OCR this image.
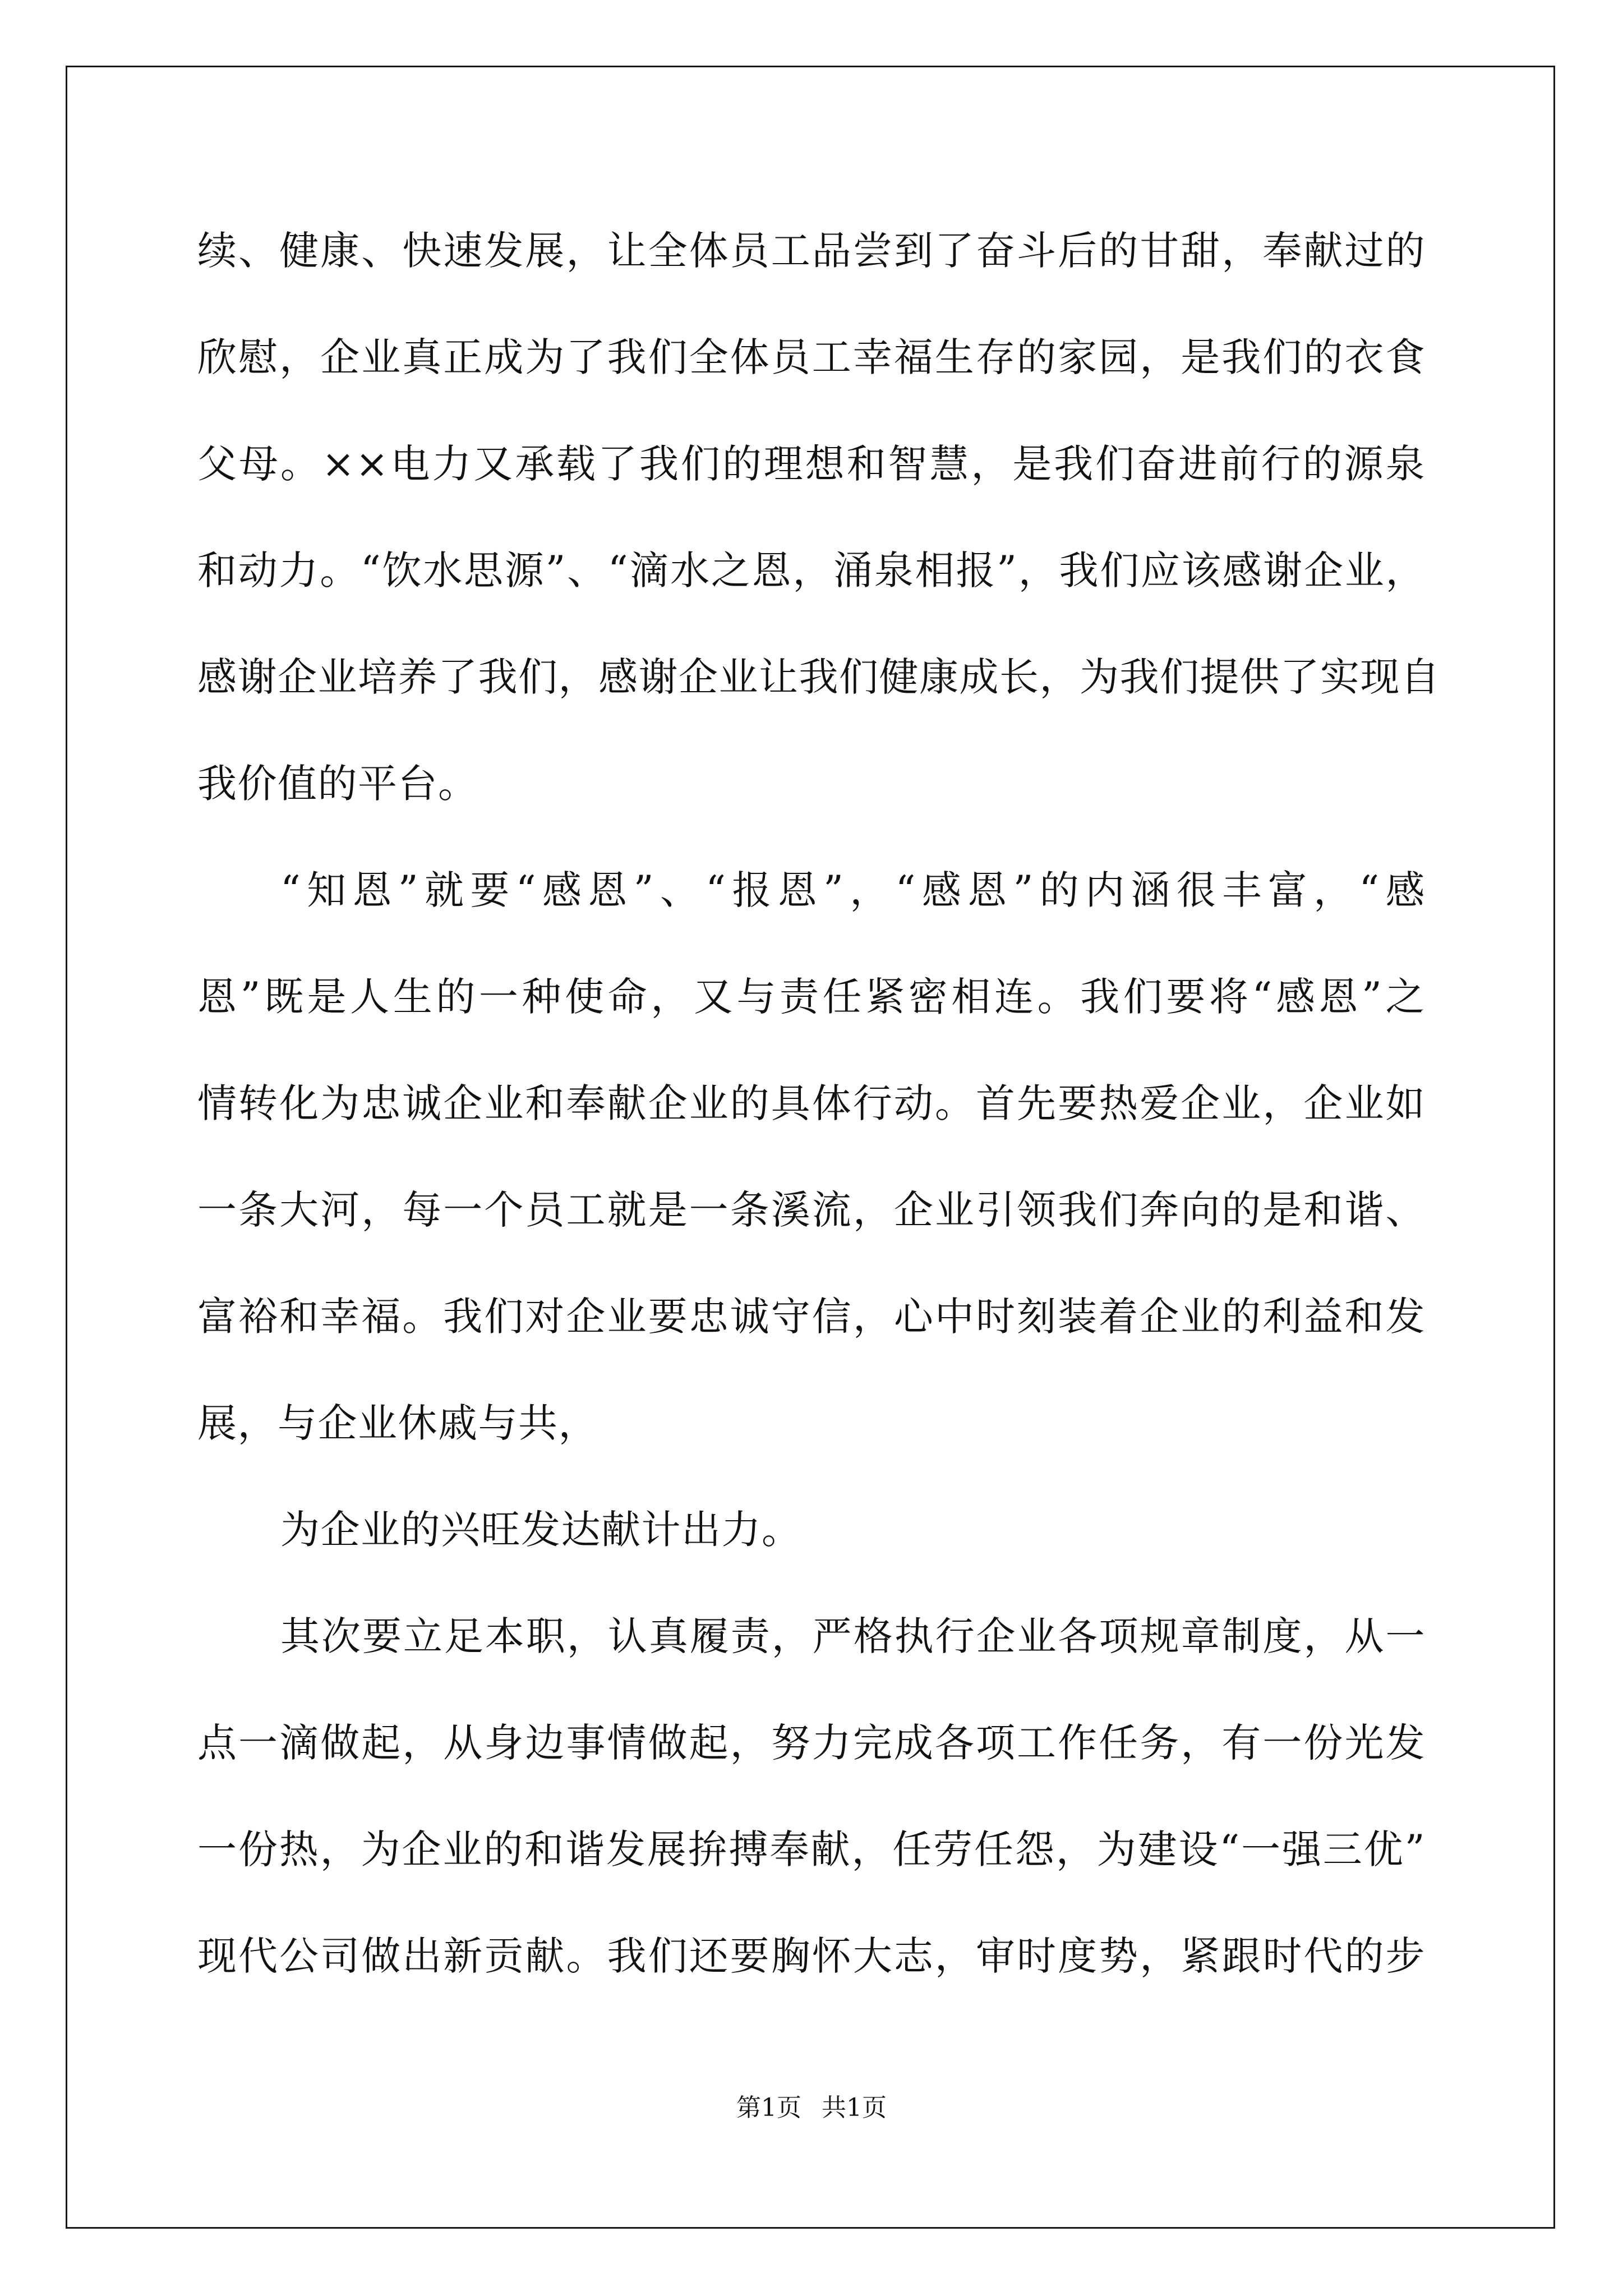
续、健康、快速发展，让全体员工品尝到了奋斗后的甘甜，奉献过的
欣慰，企业真正成为了我们全体员工幸福生存的家园，是我们的衣食
父母。××电力又承载了我们的理想和智慧，是我们奋进前行的源泉
和动力。“饮水思源”、“滴水之恩，涌泉相报”，我们应该感谢企业，
感谢企业培养了我们，感谢企业让我们健康成长，为我们提供了实现自
我价值的平台。
“知恩”就要“感恩”、“报恩”，“感恩”的内涵很丰富，“感
恩”既是人生的一种使命，又与责任紧密相连。我们要将“感恩”之
情转化为忠诚企业和奉献企业的具体行动。首先要热爱企业，企业如
一条大河，每一个员工就是一条溪流，企业引领我们奔向的是和谐、
富裕和幸福。我们对企业要忠诚守信，心中时刻装着企业的利益和发
展，与企业休戚与共，
为企业的兴旺发达献计出力。
其次要立足本职，认真履责，严格执行企业各项规章制度，从一
点一滴做起，从身边事情做起，努力完成各项工作任务，有一份光发
一份热，为企业的和谐发展拚搏奉献，任劳任怨，为建设“一强三优”
现代公司做出新贡献。我们还要胸怀大志，审时度势，紧跟时代的步
第1页 共1页
